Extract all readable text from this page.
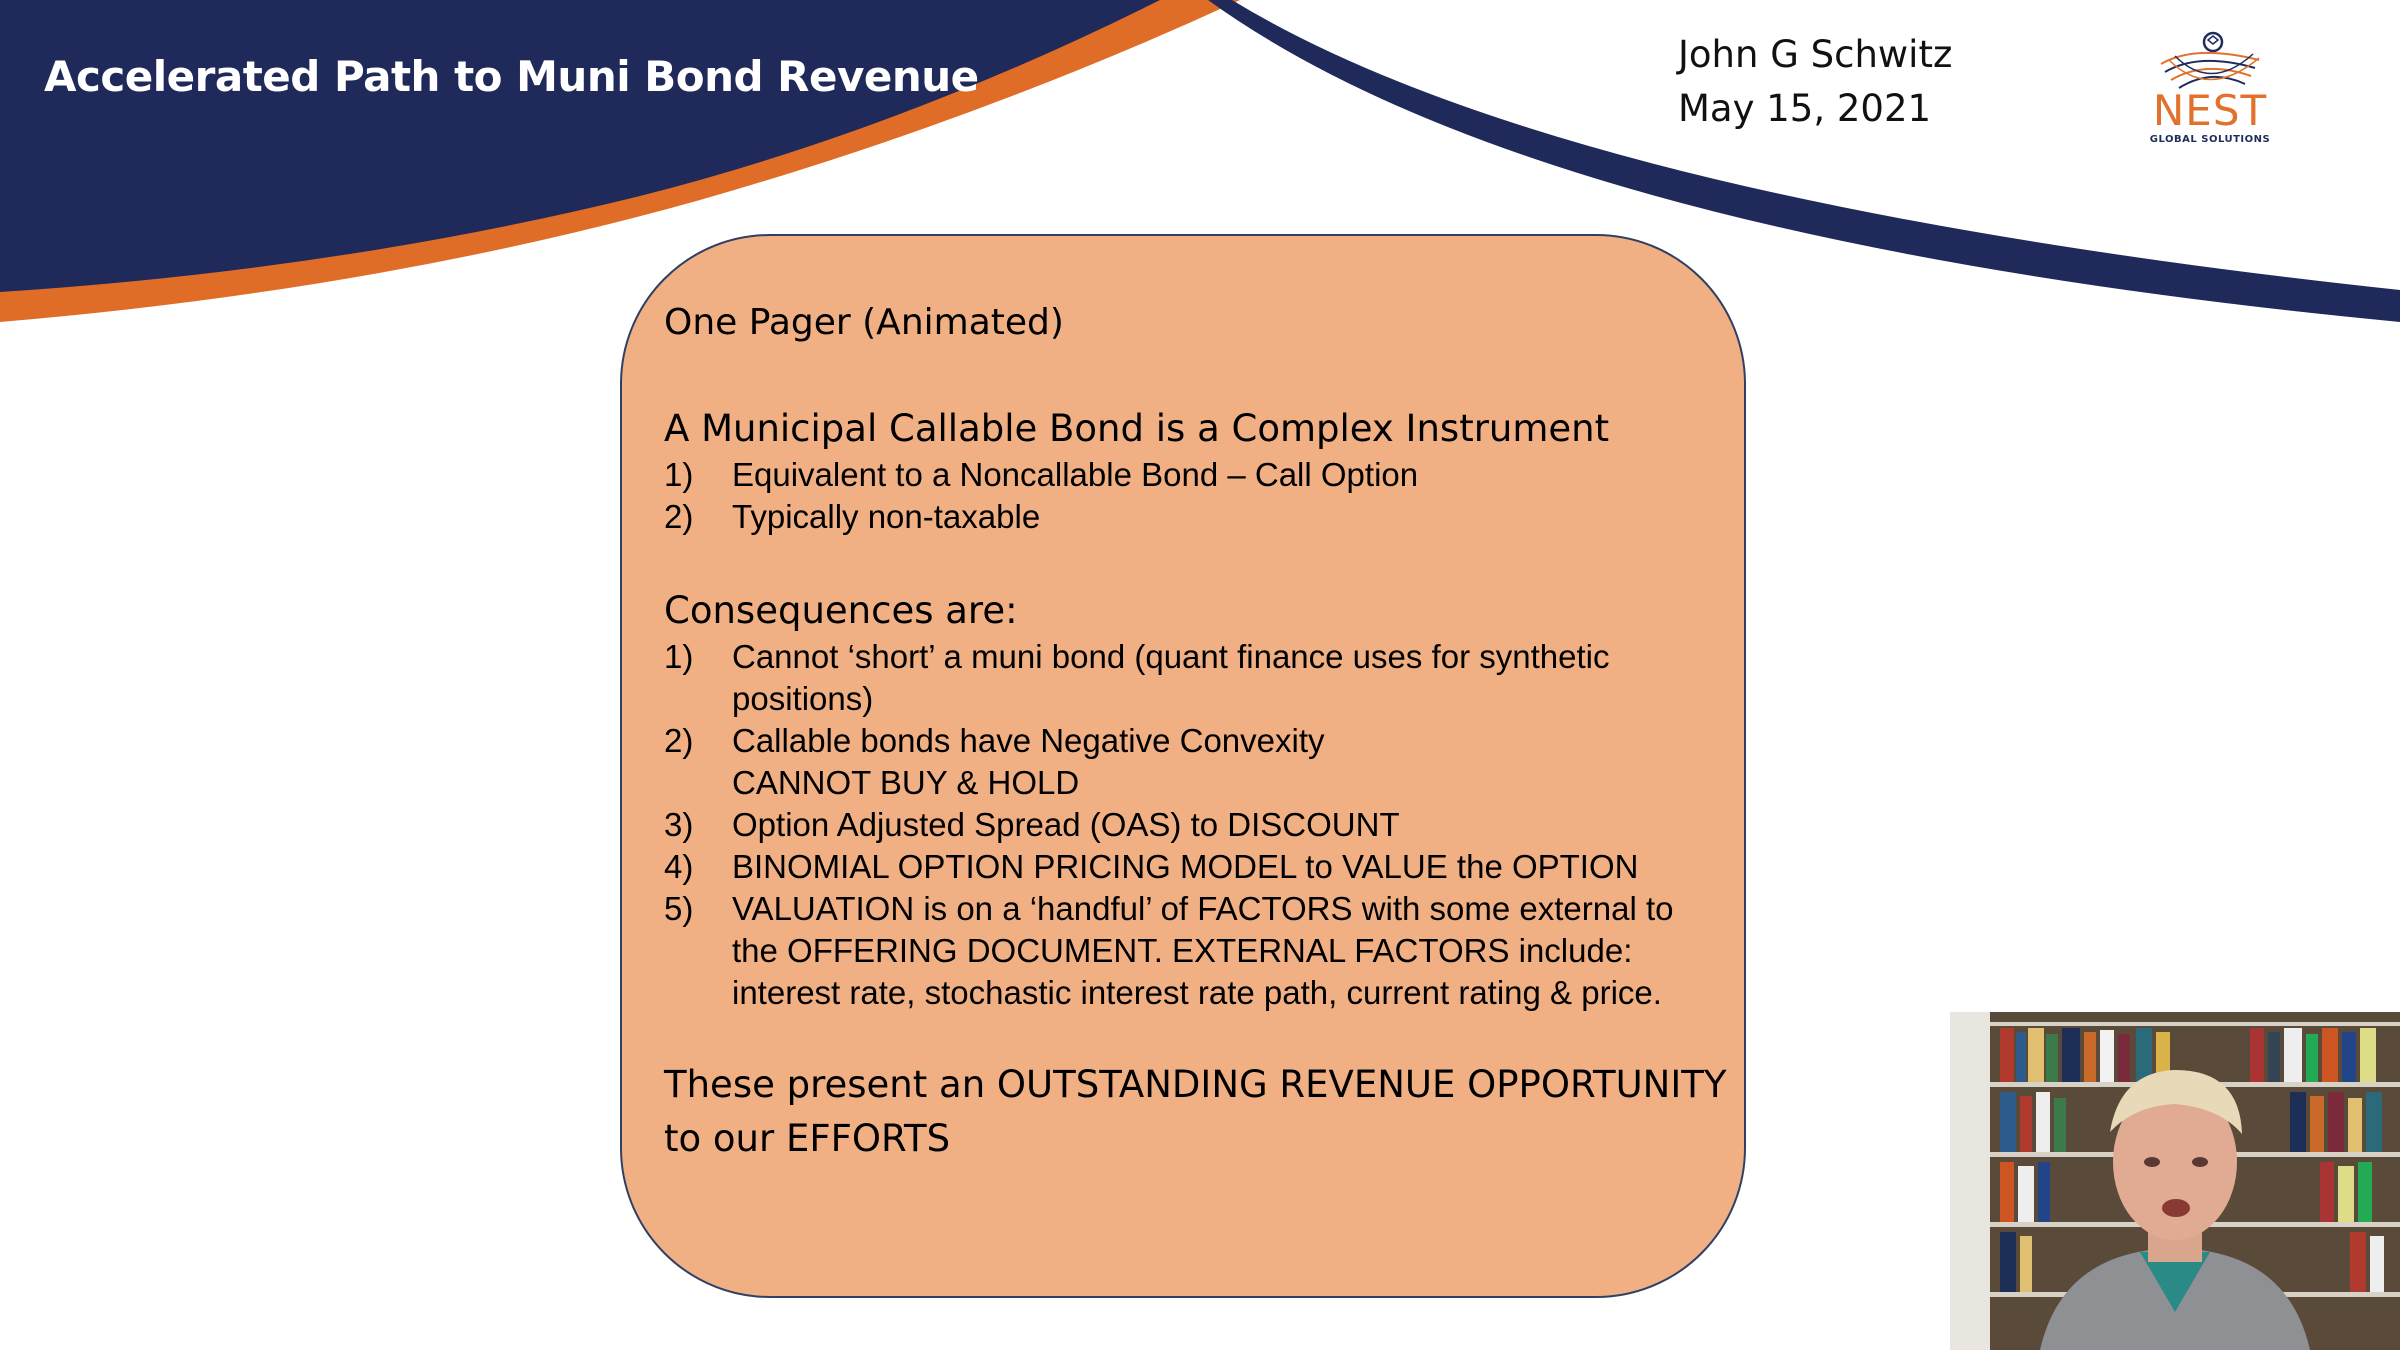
Accelerated Path to Muni Bond Revenue	John G Schwitz
May 15, 2021	NEST
GLOBAL SOLUTIONS

One Pager (Animated)

A Municipal Callable Bond is a Complex Instrument

1) Equivalent to a Noncallable Bond – Call Option
2) Typically non-taxable

Consequences are:

1) Cannot ‘short’ a muni bond (quant finance uses for synthetic
positions)
2) Callable bonds have Negative Convexity
CANNOT BUY & HOLD
3) Option Adjusted Spread (OAS) to DISCOUNT
4) BINOMIAL OPTION PRICING MODEL to VALUE the OPTION
5) VALUATION is on a ‘handful’ of FACTORS with some external to
the OFFERING DOCUMENT. EXTERNAL FACTORS include:
interest rate, stochastic interest rate path, current rating & price.

These present an OUTSTANDING REVENUE OPPORTUNITY
to our EFFORTS
